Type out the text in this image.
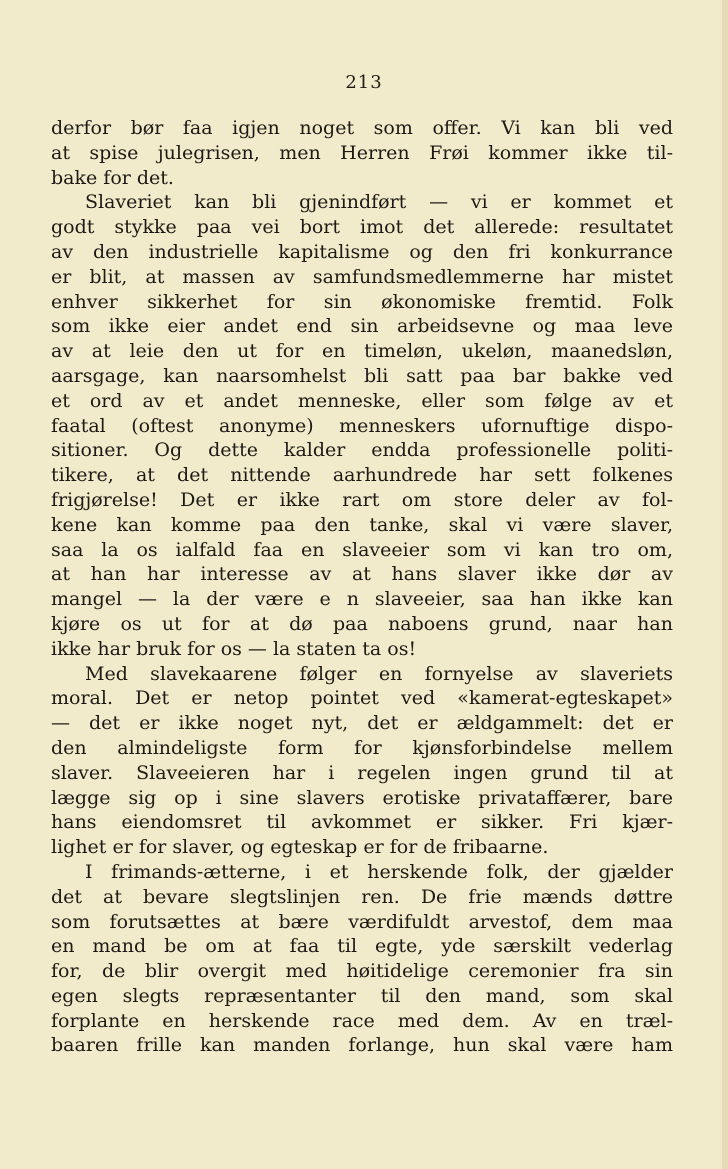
213
derfor bør faa igjen noget som offer. Vi kan bli ved
at spise julegrisen, men Herren Frøi kommer ikke til-
bake for det.
Slaveriet kan bli gjenindført — vi er kommet et
godt stykke paa vei bort imot det allerede: resultatet
av den industrielle kapitalisme og den fri konkurrance
er blit, at massen av samfundsmedlemmerne har mistet
enhver sikkerhet for sin økonomiske fremtid. Folk
som ikke eier andet end sin arbeidsevne og maa leve
av at leie den ut for en timeløn, ukeløn, maanedsløn,
aarsgage, kan naarsomhelst bli satt paa bar bakke ved
et ord av et andet menneske, eller som følge av et
faatal (oftest anonyme) menneskers ufornuftige dispo-
sitioner. Og dette kalder endda professionelle politi-
tikere, at det nittende aarhundrede har sett folkenes
frigjørelse! Det er ikke rart om store deler av fol-
kene kan komme paa den tanke, skal vi være slaver,
saa la os ialfald faa en slaveeier som vi kan tro om,
at han har interesse av at hans slaver ikke dør av
mangel — la der være e n slaveeier, saa han ikke kan
kjøre os ut for at dø paa naboens grund, naar han
ikke har bruk for os — la staten ta os!
Med slavekaarene følger en fornyelse av slaveriets
moral. Det er netop pointet ved «kamerat-egteskapet»
— det er ikke noget nyt, det er ældgammelt: det er
den almindeligste form for kjønsforbindelse mellem
slaver. Slaveeieren har i regelen ingen grund til at
lægge sig op i sine slavers erotiske privataffærer, bare
hans eiendomsret til avkommet er sikker. Fri kjær-
lighet er for slaver, og egteskap er for de fribaarne.
I frimands-ætterne, i et herskende folk, der gjælder
det at bevare slegtslinjen ren. De frie mænds døttre
som forutsættes at bære værdifuldt arvestof, dem maa
en mand be om at faa til egte, yde særskilt vederlag
for, de blir overgit med høitidelige ceremonier fra sin
egen slegts repræsentanter til den mand, som skal
forplante en herskende race med dem. Av en træl-
baaren frille kan manden forlange, hun skal være ham
